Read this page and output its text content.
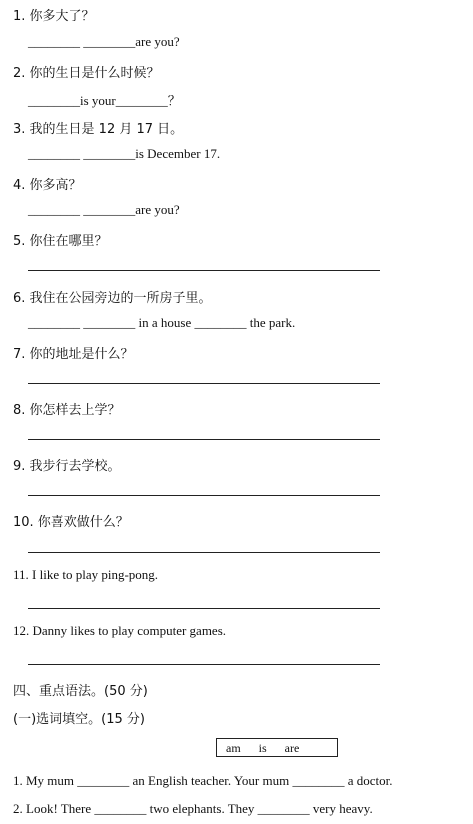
1. 你多大了？
________ ________are you?
2. 你的生日是什么时候？
________is your________？
3. 我的生日是 12 月 17 日。
________ ________is December 17.
4. 你多高？
________ ________are you?
5. 你住在哪里？
6. 我住在公园旁边的一所房子里。
________ ________ in a house ________ the park.
7. 你的地址是什么？
8. 你怎样去上学？
9. 我步行去学校。
10. 你喜欢做什么？
11. I like to play ping-pong.
12. Danny likes to play computer games.
四、重点语法。(50 分)
(一)选词填空。(15 分)
am      is      are
1. My mum ________ an English teacher. Your mum ________ a doctor.
2. Look! There ________ two elephants. They ________ very heavy.
